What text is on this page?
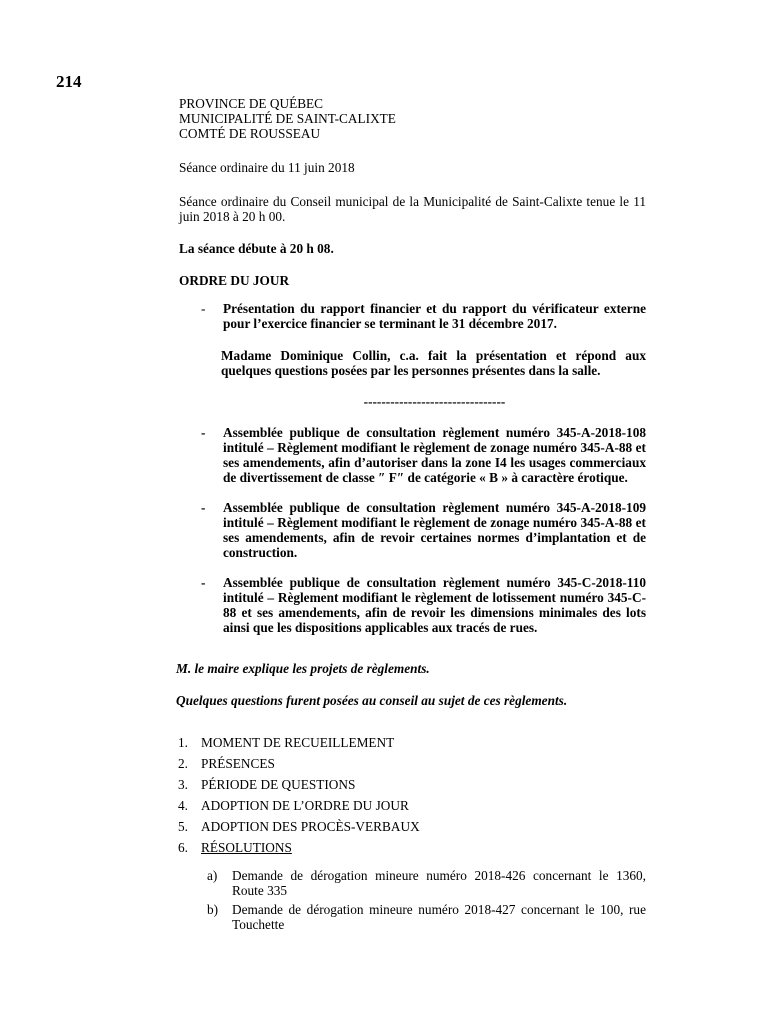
214

PROVINCE DE QUÉBEC

MUNICIPALITÉ DE SAINT-CALIXTE

COMTÉ DE ROUSSEAU

Séance ordinaire du 11 juin 2018

Séance ordinaire du Conseil municipal de la Municipalité de Saint-Calixte tenue le 11 juin 2018 à 20 h 00.

La séance débute à 20 h 08.

ORDRE DU JOUR

- Présentation du rapport financier et du rapport du vérificateur externe pour l’exercice financier se terminant le 31 décembre 2017.

Madame Dominique Collin, c.a. fait la présentation et répond aux quelques questions posées par les personnes présentes dans la salle.

--------------------------------

- Assemblée publique de consultation règlement numéro 345-A-2018-108 intitulé – Règlement modifiant le règlement de zonage numéro 345-A-88 et ses amendements, afin d’autoriser dans la zone I4 les usages commerciaux de divertissement de classe ″ F″ de catégorie « B » à caractère érotique.
- Assemblée publique de consultation règlement numéro 345-A-2018-109 intitulé – Règlement modifiant le règlement de zonage numéro 345-A-88 et ses amendements, afin de revoir certaines normes d’implantation et de construction.
- Assemblée publique de consultation règlement numéro 345-C-2018-110 intitulé – Règlement modifiant le règlement de lotissement numéro 345-C-88 et ses amendements, afin de revoir les dimensions minimales des lots ainsi que les dispositions applicables aux tracés de rues.

M. le maire explique les projets de règlements.

Quelques questions furent posées au conseil au sujet de ces règlements.

1. MOMENT DE RECUEILLEMENT
2. PRÉSENCES
3. PÉRIODE DE QUESTIONS
4. ADOPTION DE L’ORDRE DU JOUR
5. ADOPTION DES PROCÈS-VERBAUX
6. RÉSOLUTIONS
a) Demande de dérogation mineure numéro 2018-426 concernant le 1360, Route 335
b) Demande de dérogation mineure numéro 2018-427 concernant le 100, rue Touchette
